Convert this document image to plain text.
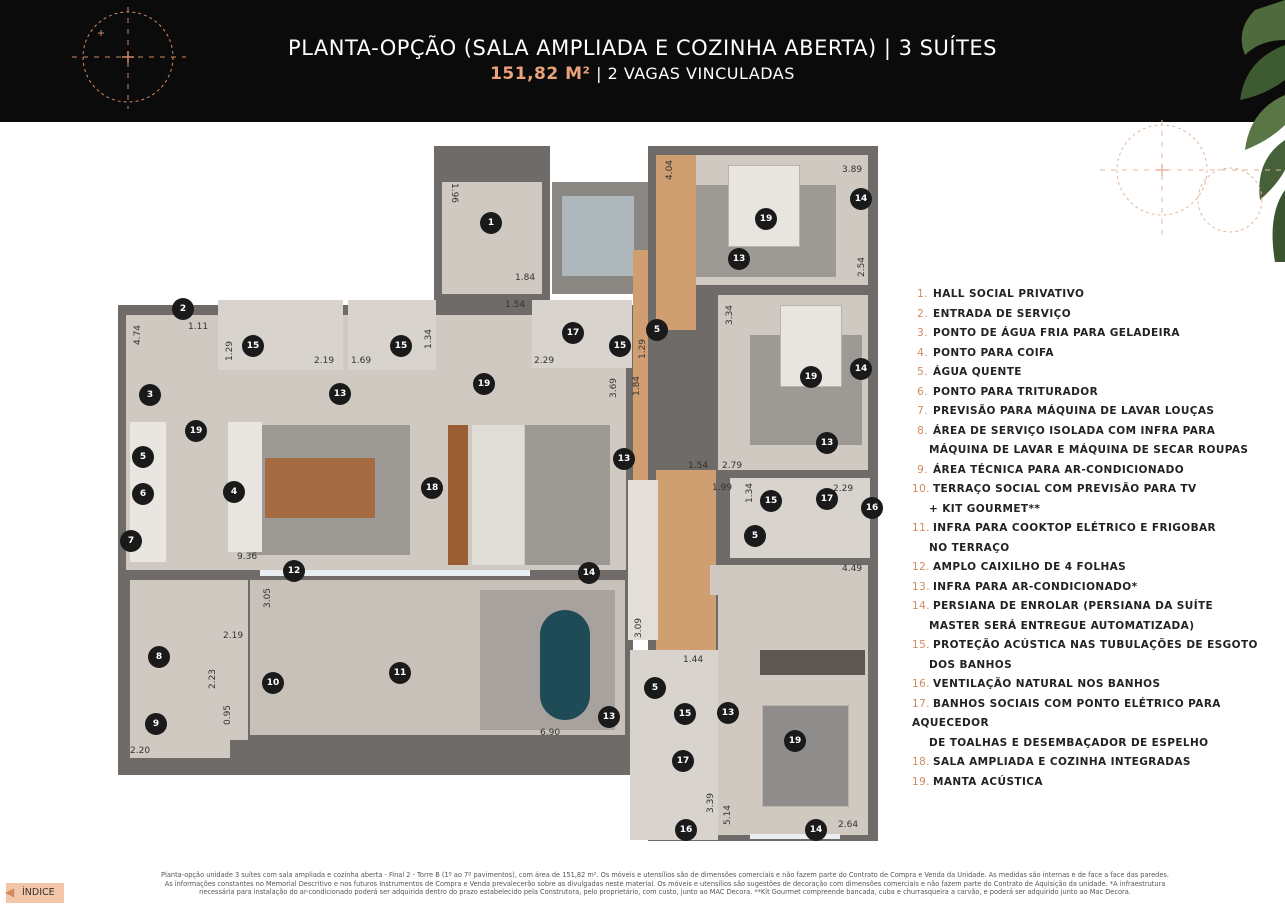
PLANTA-OPÇÃO (SALA AMPLIADA E COZINHA ABERTA) | 3 SUÍTES
151,82 M² | 2 VAGAS VINCULADAS
1
2
3
4
5
6
7
8
9
10
11
12
13
13
13
13
13	13
14
14
14
14
15	15	15
15
15
16
16
17
17
17
18
19
19
19
19
19
5
5
5
1.96
1.84
1.54
1.11
4.74
1.29	2.19 1.69
1.34
2.29
1.29
3.69 1.84
1.54 2.79
4.04	3.89
2.54
3.34
1.99 1.34	2.29
4.49
9.36
3.05
2.19
2.23
0.95
2.20
6.90
3.09
1.44
3.39
5.14	2.64
1. HALL SOCIAL PRIVATIVO
2. ENTRADA DE SERVIÇO
3. PONTO DE ÁGUA FRIA PARA GELADEIRA
4. PONTO PARA COIFA
5. ÁGUA QUENTE
6. PONTO PARA TRITURADOR
7. PREVISÃO PARA MÁQUINA DE LAVAR LOUÇAS
8. ÁREA DE SERVIÇO ISOLADA COM INFRA PARA
MÁQUINA DE LAVAR E MÁQUINA DE SECAR ROUPAS
9. ÁREA TÉCNICA PARA AR-CONDICIONADO
10. TERRAÇO SOCIAL COM PREVISÃO PARA TV
+ KIT GOURMET**
11. INFRA PARA COOKTOP ELÉTRICO E FRIGOBAR
NO TERRAÇO
12. AMPLO CAIXILHO DE 4 FOLHAS
13. INFRA PARA AR-CONDICIONADO*
14. PERSIANA DE ENROLAR (PERSIANA DA SUÍTE
MASTER SERÁ ENTREGUE AUTOMATIZADA)
15. PROTEÇÃO ACÚSTICA NAS TUBULAÇÕES DE ESGOTO
DOS BANHOS
16. VENTILAÇÃO NATURAL NOS BANHOS
17. BANHOS SOCIAIS COM PONTO ELÉTRICO PARA AQUECEDOR
DE TOALHAS E DESEMBAÇADOR DE ESPELHO
18. SALA AMPLIADA E COZINHA INTEGRADAS
19. MANTA ACÚSTICA
Planta-opção unidade 3 suítes com sala ampliada e cozinha aberta - Final 2 - Torre B (1º ao 7º pavimentos), com área de 151,82 m². Os móveis e utensílios são de dimensões comerciais e não fazem parte do Contrato de Compra e Venda da Unidade. As medidas são internas e de face a face das paredes.
As informações constantes no Memorial Descritivo e nos futuros Instrumentos de Compra e Venda prevalecerão sobre as divulgadas neste material. Os móveis e utensílios são sugestões de decoração com dimensões comerciais e não fazem parte do Contrato de Aquisição da unidade. *A infraestrutura
necessária para instalação do ar-condicionado poderá ser adquirida dentro do prazo estabelecido pela Construtora, pelo proprietário, com custo, junto ao MAC Decora. **Kit Gourmet compreende bancada, cuba e churrasqueira a carvão, e poderá ser adquirido junto ao Mac Decora.
◀ ÍNDICE
